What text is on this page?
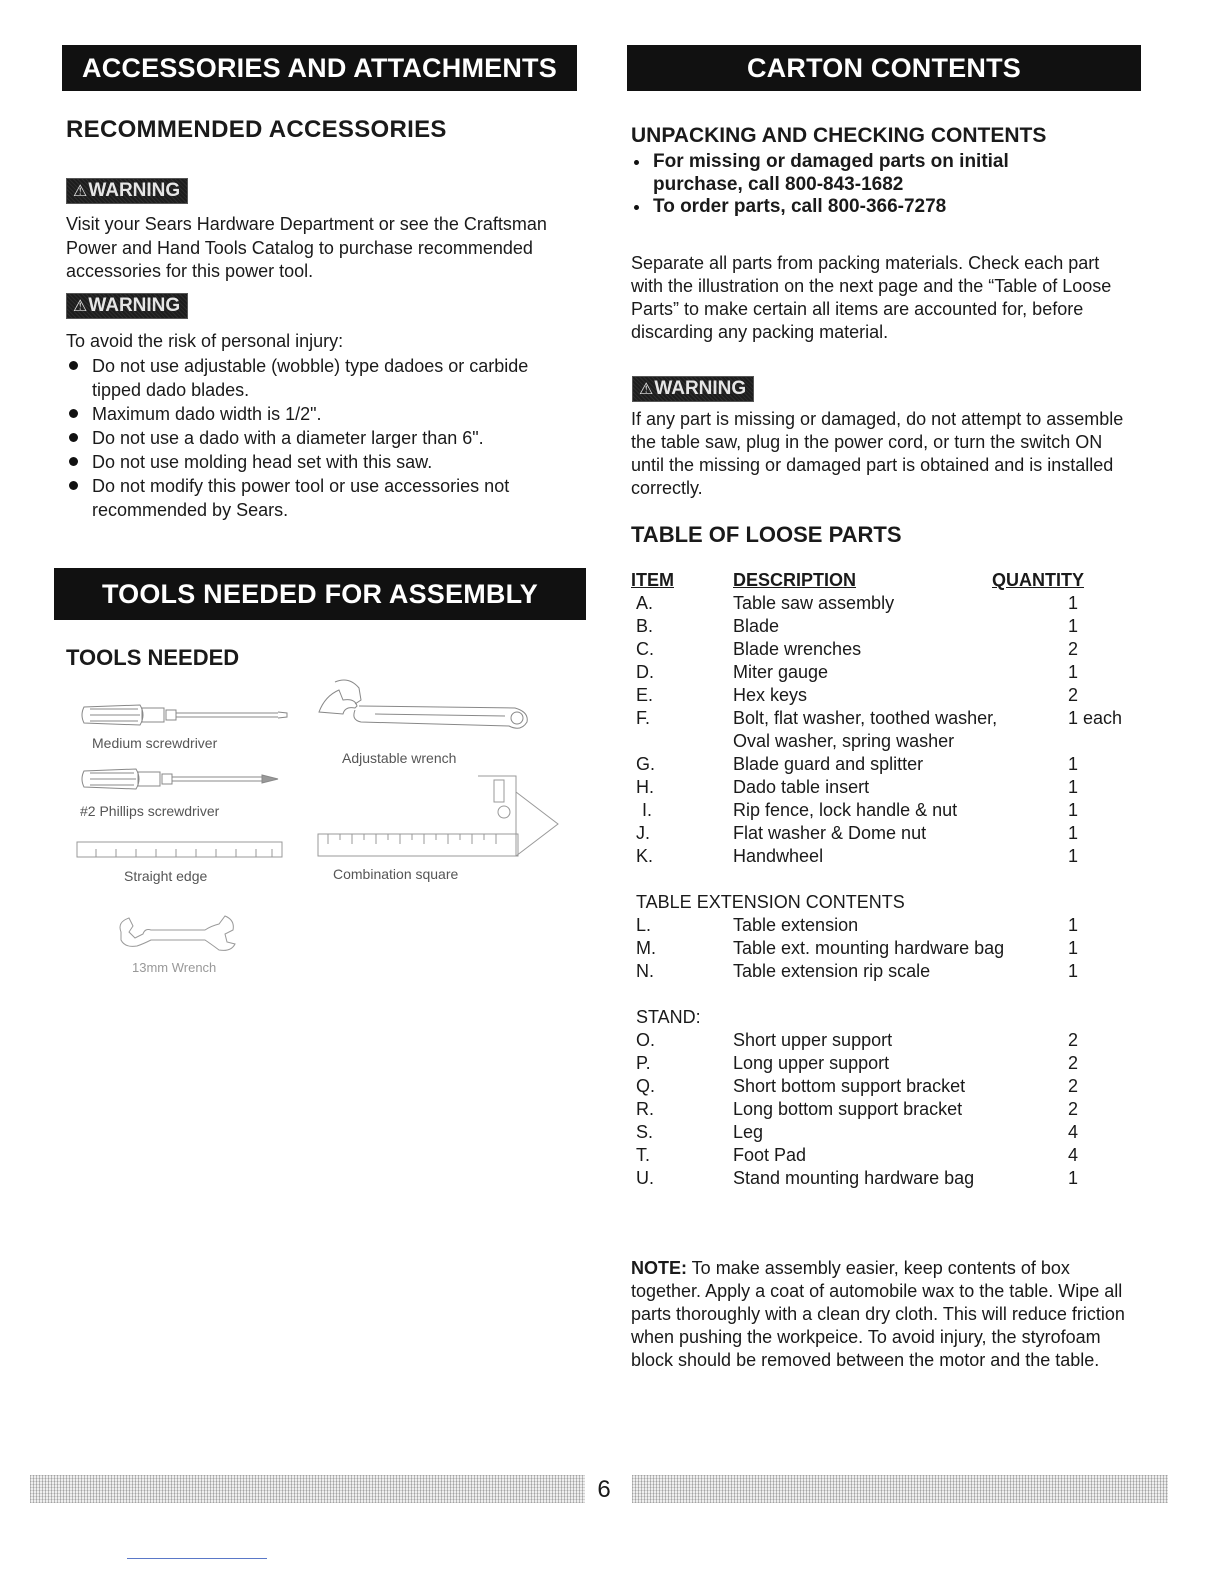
ACCESSORIES AND ATTACHMENTS
RECOMMENDED ACCESSORIES
⚠WARNING

Visit your Sears Hardware Department or see the Craftsman Power and Hand Tools Catalog to purchase recommended accessories for this power tool.

⚠WARNING
To avoid the risk of personal injury:
Do not use adjustable (wobble) type dadoes or carbide tipped dado blades.
Maximum dado width is 1/2".
Do not use a dado with a diameter larger than 6".
Do not use molding head set with this saw.
Do not modify this power tool or use accessories not recommended by Sears.
TOOLS NEEDED FOR ASSEMBLY
TOOLS NEEDED
Medium screwdriver
#2 Phillips screwdriver
Straight edge
Adjustable wrench
Combination square
13mm Wrench
CARTON CONTENTS
UNPACKING AND CHECKING CONTENTS
For missing or damaged parts on initial purchase, call 800-843-1682
To order parts, call 800-366-7278
Separate all parts from packing materials. Check each part with the illustration on the next page and the “Table of Loose Parts” to make certain all items are accounted for, before discarding any packing material.
⚠WARNING
If any part is missing or damaged, do not attempt to assemble the table saw, plug in the power cord, or turn the switch ON until the missing or damaged part is obtained and is installed correctly.
TABLE OF LOOSE PARTS
ITEM	DESCRIPTION	QUANTITY
A.	Table saw assembly	1
B.	Blade	1
C.	Blade wrenches	2
D.	Miter gauge	1
E.	Hex keys	2
F.	Bolt, flat washer, toothed washer,	1 each
Oval washer, spring washer
G.	Blade guard and splitter	1
H.	Dado table insert	1
I.	Rip fence, lock handle & nut	1
J.	Flat washer & Dome nut	1
K.	Handwheel	1
TABLE EXTENSION CONTENTS
L.	Table extension	1
M.	Table ext. mounting hardware bag	1
N.	Table extension rip scale	1
STAND:
O.	Short upper support	2
P.	Long upper support	2
Q.	Short bottom support bracket	2
R.	Long bottom support bracket	2
S.	Leg	4
T.	Foot Pad	4
U.	Stand mounting hardware bag	1
NOTE: To make assembly easier, keep contents of box together. Apply a coat of automobile wax to the table. Wipe all parts thoroughly with a clean dry cloth. This will reduce friction when pushing the workpeice. To avoid injury, the styrofoam block should be removed between the motor and the table.
6
